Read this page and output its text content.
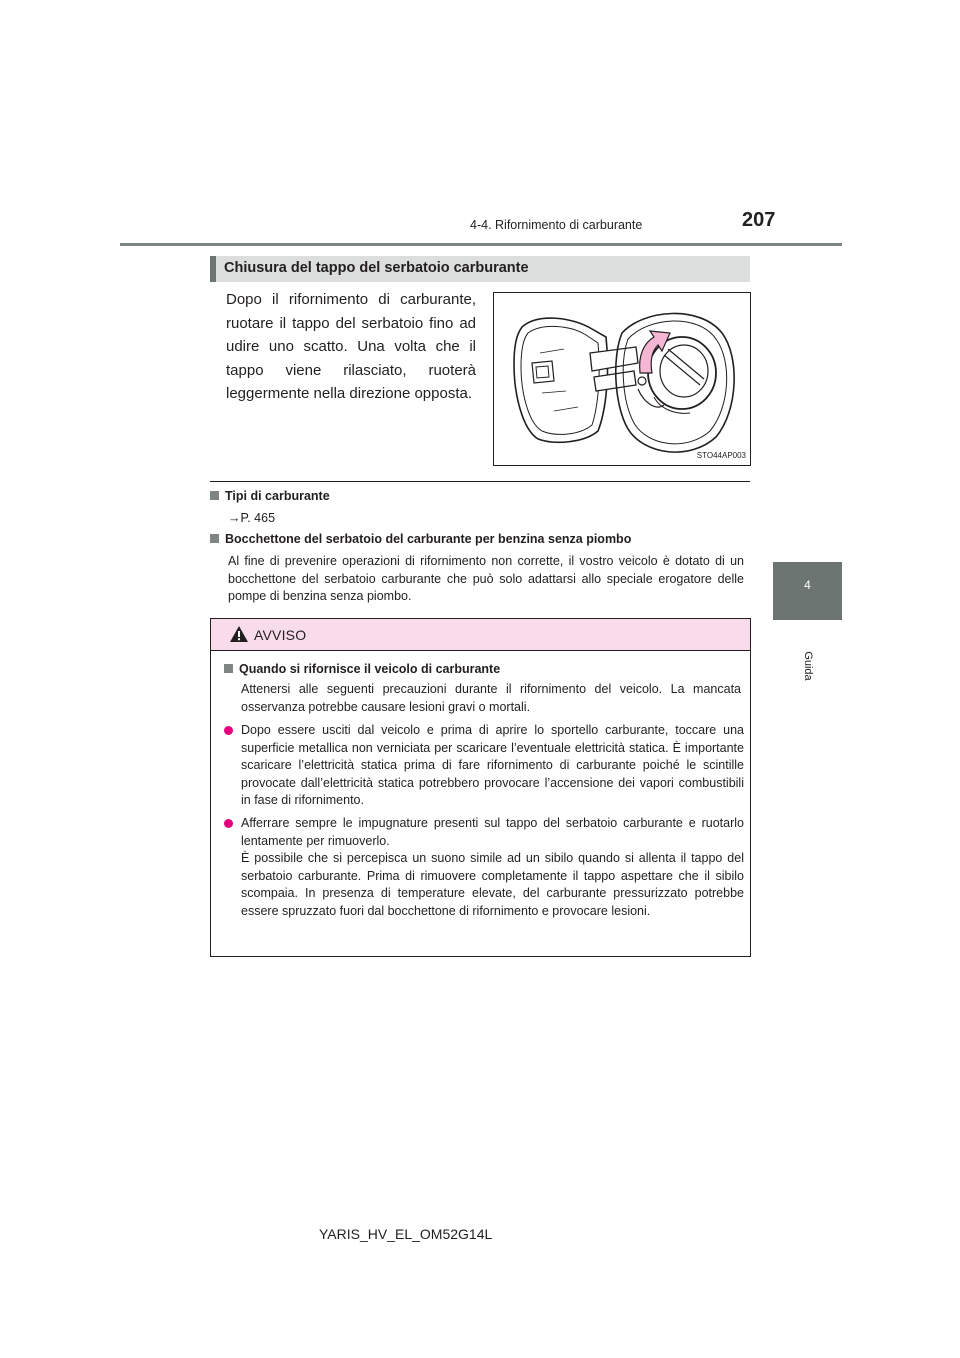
4-4. Rifornimento di carburante	207
4
Guida
Chiusura del tappo del serbatoio carburante

Dopo il rifornimento di carburante, ruotare il tappo del serbatoio fino ad udire uno scatto. Una volta che il tappo viene rilasciato, ruoterà leggermente nella direzione opposta.

STO44AP003
Tipi di carburante
→P. 465
Bocchettone del serbatoio del carburante per benzina senza piombo

Al fine di prevenire operazioni di rifornimento non corrette, il vostro veicolo è dotato di un bocchettone del serbatoio carburante che può solo adattarsi allo speciale erogatore delle pompe di benzina senza piombo.

AVVISO
Quando si rifornisce il veicolo di carburante

Attenersi alle seguenti precauzioni durante il rifornimento del veicolo. La mancata osservanza potrebbe causare lesioni gravi o mortali.

Dopo essere usciti dal veicolo e prima di aprire lo sportello carburante, toccare una superficie metallica non verniciata per scaricare l’eventuale elettricità statica. È importante scaricare l’elettricità statica prima di fare rifornimento di carburante poiché le scintille provocate dall’elettricità statica potrebbero provocare l’accensione dei vapori combustibili in fase di rifornimento.

Afferrare sempre le impugnature presenti sul tappo del serbatoio carburante e ruotarlo lentamente per rimuoverlo.
È possibile che si percepisca un suono simile ad un sibilo quando si allenta il tappo del serbatoio carburante. Prima di rimuovere completamente il tappo aspettare che il sibilo scompaia. In presenza di temperature elevate, del carburante pressurizzato potrebbe essere spruzzato fuori dal bocchettone di rifornimento e provocare lesioni.

YARIS_HV_EL_OM52G14L
